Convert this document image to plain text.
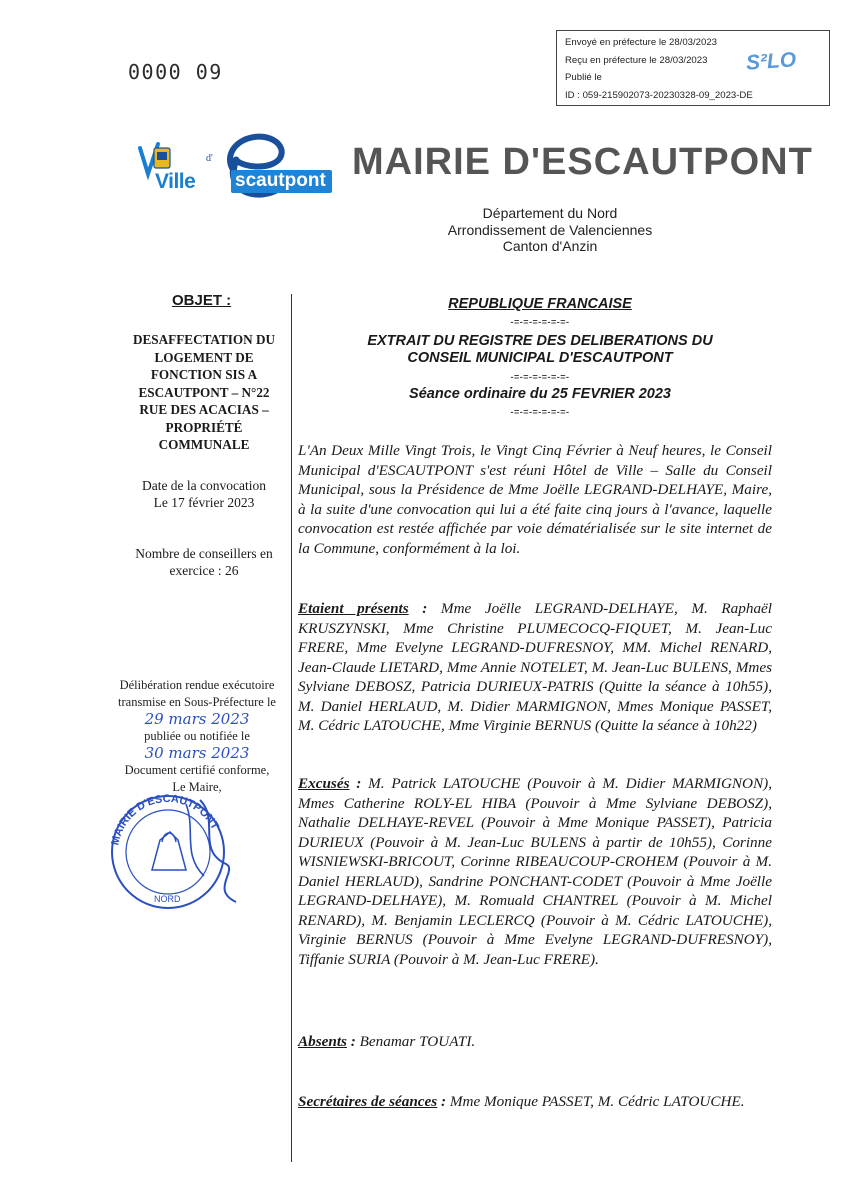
Envoyé en préfecture le 28/03/2023
Reçu en préfecture le 28/03/2023
Publié le
ID : 059-215902073-20230328-09_2023-DE
S²LO
0000 09
d'
Ville scautpont MAIRIE D'ESCAUTPONT
Département du Nord
Arrondissement de Valenciennes
Canton d'Anzin
OBJET :
DESAFFECTATION DU
LOGEMENT DE
FONCTION SIS A
ESCAUTPONT – N°22
RUE DES ACACIAS –
PROPRIÉTÉ
COMMUNALE
Date de la convocation
Le 17 février 2023
Nombre de conseillers en
exercice : 26
Délibération rendue exécutoire
transmise en Sous-Préfecture le
29 mars 2023
publiée ou notifiée le
30 mars 2023
Document certifié conforme,
Le Maire,
MAIRIE D'ESCAUTPONT
NORD
REPUBLIQUE FRANCAISE
-=-=-=-=-=-=-
EXTRAIT DU REGISTRE DES DELIBERATIONS DU
CONSEIL MUNICIPAL D'ESCAUTPONT
-=-=-=-=-=-=-
Séance ordinaire du 25 FEVRIER 2023
-=-=-=-=-=-=-
L'An Deux Mille Vingt Trois, le Vingt Cinq Février à Neuf heures, le Conseil Municipal d'ESCAUTPONT s'est réuni Hôtel de Ville – Salle du Conseil Municipal, sous la Présidence de Mme Joëlle LEGRAND-DELHAYE, Maire, à la suite d'une convocation qui lui a été faite cinq jours à l'avance, laquelle convocation est restée affichée par voie dématérialisée sur le site internet de la Commune, conformément à la loi.
Etaient présents : Mme Joëlle LEGRAND-DELHAYE, M. Raphaël KRUSZYNSKI, Mme Christine PLUMECOCQ-FIQUET, M. Jean-Luc FRERE, Mme Evelyne LEGRAND-DUFRESNOY, MM. Michel RENARD, Jean-Claude LIETARD, Mme Annie NOTELET, M. Jean-Luc BULENS, Mmes Sylviane DEBOSZ, Patricia DURIEUX-PATRIS (Quitte la séance à 10h55), M. Daniel HERLAUD, M. Didier MARMIGNON, Mmes Monique PASSET, M. Cédric LATOUCHE, Mme Virginie BERNUS (Quitte la séance à 10h22)
Excusés : M. Patrick LATOUCHE (Pouvoir à M. Didier MARMIGNON), Mmes Catherine ROLY-EL HIBA (Pouvoir à Mme Sylviane DEBOSZ), Nathalie DELHAYE-REVEL (Pouvoir à Mme Monique PASSET), Patricia DURIEUX (Pouvoir à M. Jean-Luc BULENS à partir de 10h55), Corinne WISNIEWSKI-BRICOUT, Corinne RIBEAUCOUP-CROHEM (Pouvoir à M. Daniel HERLAUD), Sandrine PONCHANT-CODET (Pouvoir à Mme Joëlle LEGRAND-DELHAYE), M. Romuald CHANTREL (Pouvoir à M. Michel RENARD), M. Benjamin LECLERCQ (Pouvoir à M. Cédric LATOUCHE), Virginie BERNUS (Pouvoir à Mme Evelyne LEGRAND-DUFRESNOY), Tiffanie SURIA (Pouvoir à M. Jean-Luc FRERE).
Absents : Benamar TOUATI.
Secrétaires de séances : Mme Monique PASSET, M. Cédric LATOUCHE.
